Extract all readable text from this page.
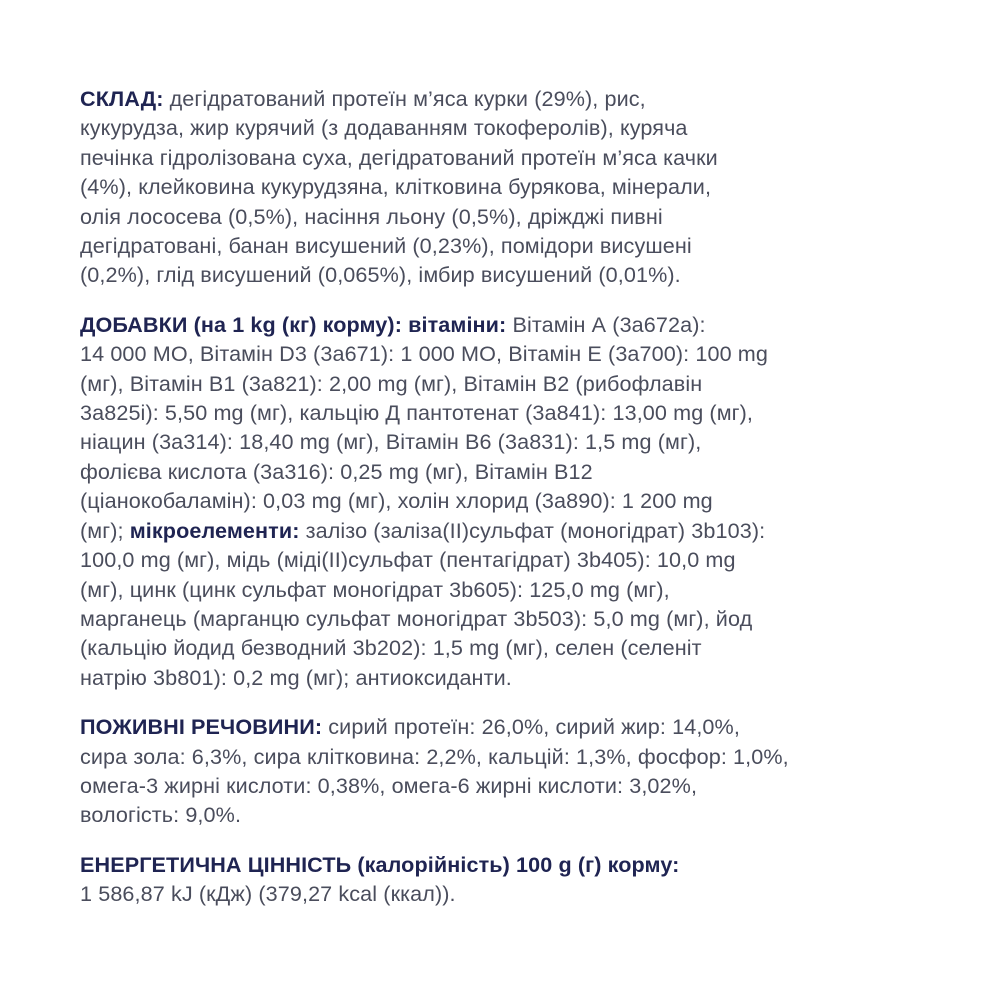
СКЛАД: дегідратований протеїн м’яса курки (29%), рис,
кукурудза, жир курячий (з додаванням токоферолів), куряча
печінка гідролізована суха, дегідратований протеїн м’яса качки
(4%), клейковина кукурудзяна, клітковина бурякова, мінерали,
олія лососева (0,5%), насіння льону (0,5%), дріжджі пивні
дегідратовані, банан висушений (0,23%), помідори висушені
(0,2%), глід висушений (0,065%), імбир висушений (0,01%).

ДОБАВКИ (на 1 kg (кг) корму): вітаміни: Вітамін А (3а672а):
14 000 МО, Вітамін D3 (3а671): 1 000 МО, Вітамін Е (3а700): 100 mg
(мг), Вітамін В1 (3а821): 2,00 mg (мг), Вітамін В2 (рибофлавін
3а825і): 5,50 mg (мг), кальцію Д пантотенат (3а841): 13,00 mg (мг),
ніацин (3а314): 18,40 mg (мг), Вітамін В6 (3а831): 1,5 mg (мг),
фолієва кислота (3а316): 0,25 mg (мг), Вітамін В12
(ціанокобаламін): 0,03 mg (мг), холін хлорид (3а890): 1 200 mg
(мг); мікроелементи: залізо (заліза(ІІ)сульфат (моногідрат) 3b103):
100,0 mg (мг), мідь (міді(ІІ)сульфат (пентагідрат) 3b405): 10,0 mg
(мг), цинк (цинк сульфат моногідрат 3b605): 125,0 mg (мг),
марганець (марганцю сульфат моногідрат 3b503): 5,0 mg (мг), йод
(кальцію йодид безводний 3b202): 1,5 mg (мг), селен (селеніт
натрію 3b801): 0,2 mg (мг); антиоксиданти.

ПОЖИВНІ РЕЧОВИНИ: сирий протеїн: 26,0%, сирий жир: 14,0%,
сира зола: 6,3%, сира клітковина: 2,2%, кальцій: 1,3%, фосфор: 1,0%,
омега-3 жирні кислоти: 0,38%, омега-6 жирні кислоти: 3,02%,
вологість: 9,0%.

ЕНЕРГЕТИЧНА ЦІННІСТЬ (калорійність) 100 g (г) корму:
1 586,87 kJ (кДж) (379,27 kcal (ккал)).
